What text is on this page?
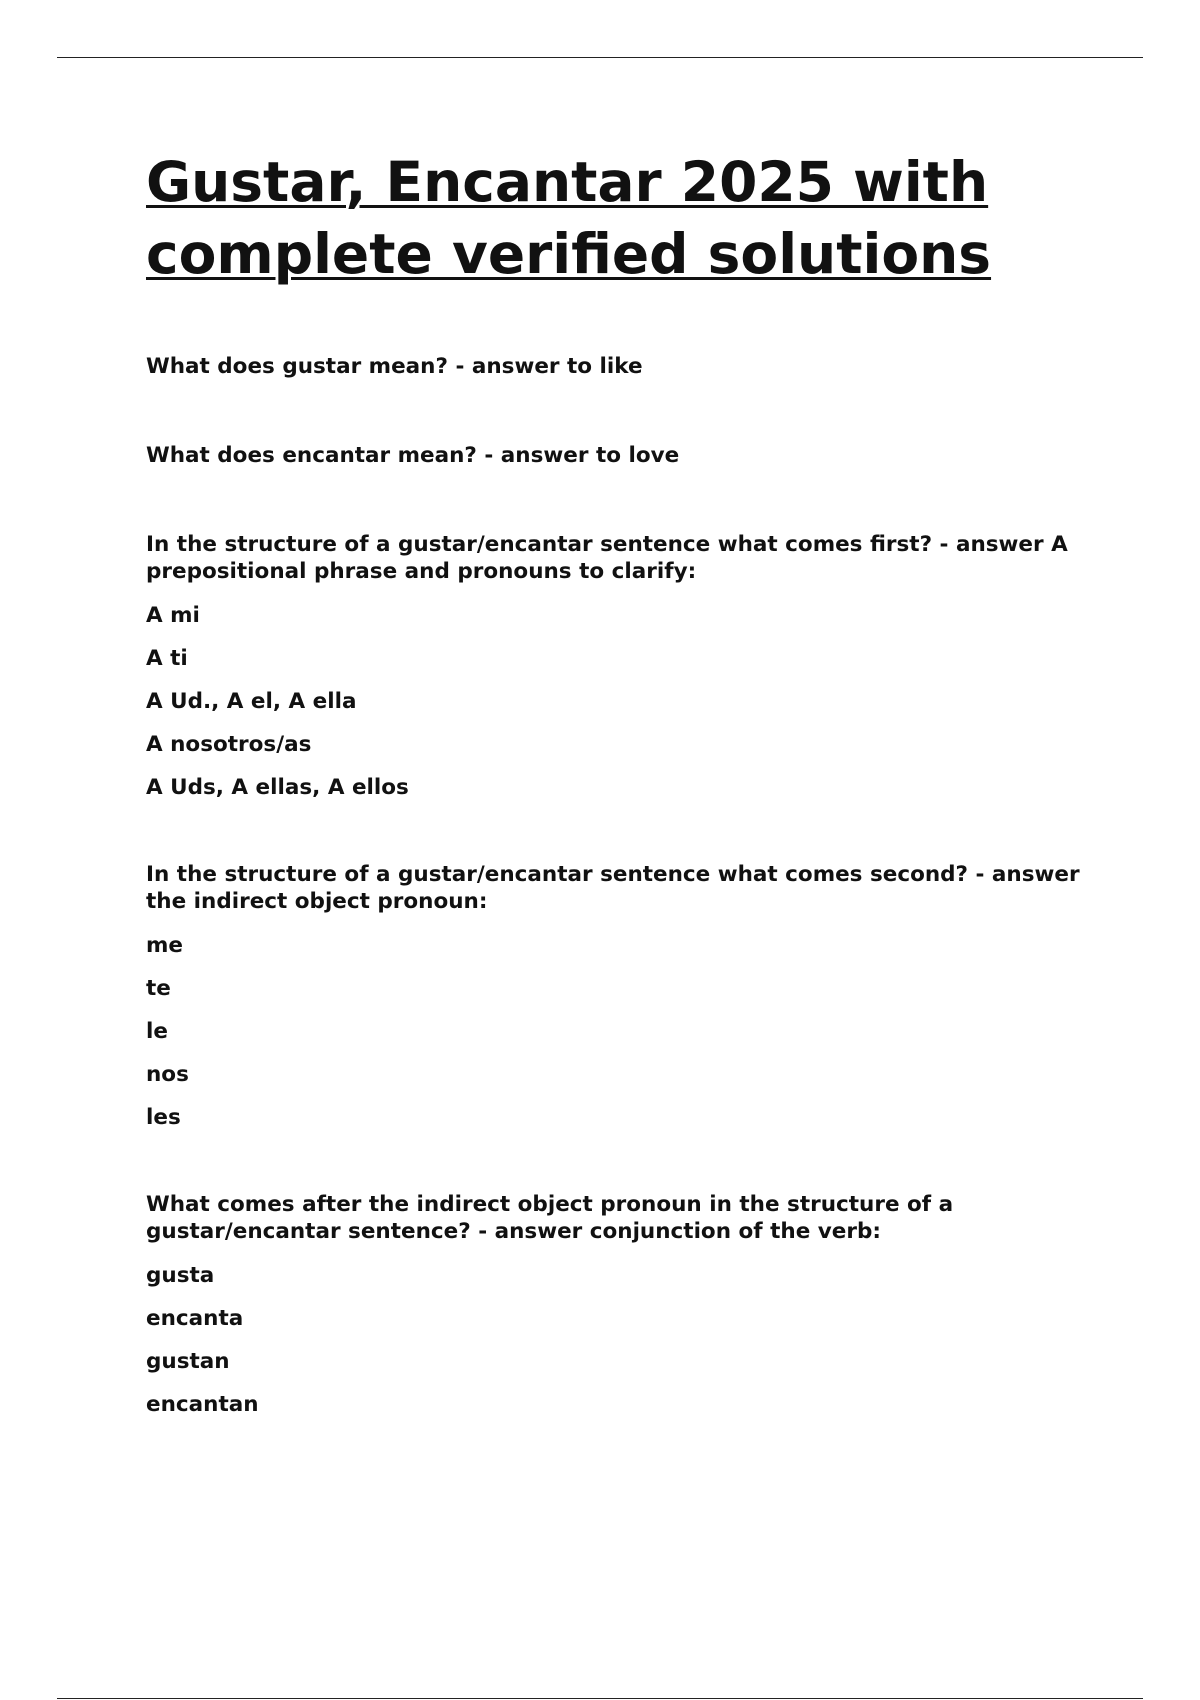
Gustar, Encantar 2025 with complete verified solutions
What does gustar mean? - answer to like
What does encantar mean? - answer to love
In the structure of a gustar/encantar sentence what comes first? - answer A prepositional phrase and pronouns to clarify:
A mi
A ti
A Ud., A el, A ella
A nosotros/as
A Uds, A ellas, A ellos
In the structure of a gustar/encantar sentence what comes second? - answer the indirect object pronoun:
me
te
le
nos
les
What comes after the indirect object pronoun in the structure of a gustar/encantar sentence? - answer conjunction of the verb:
gusta
encanta
gustan
encantan
